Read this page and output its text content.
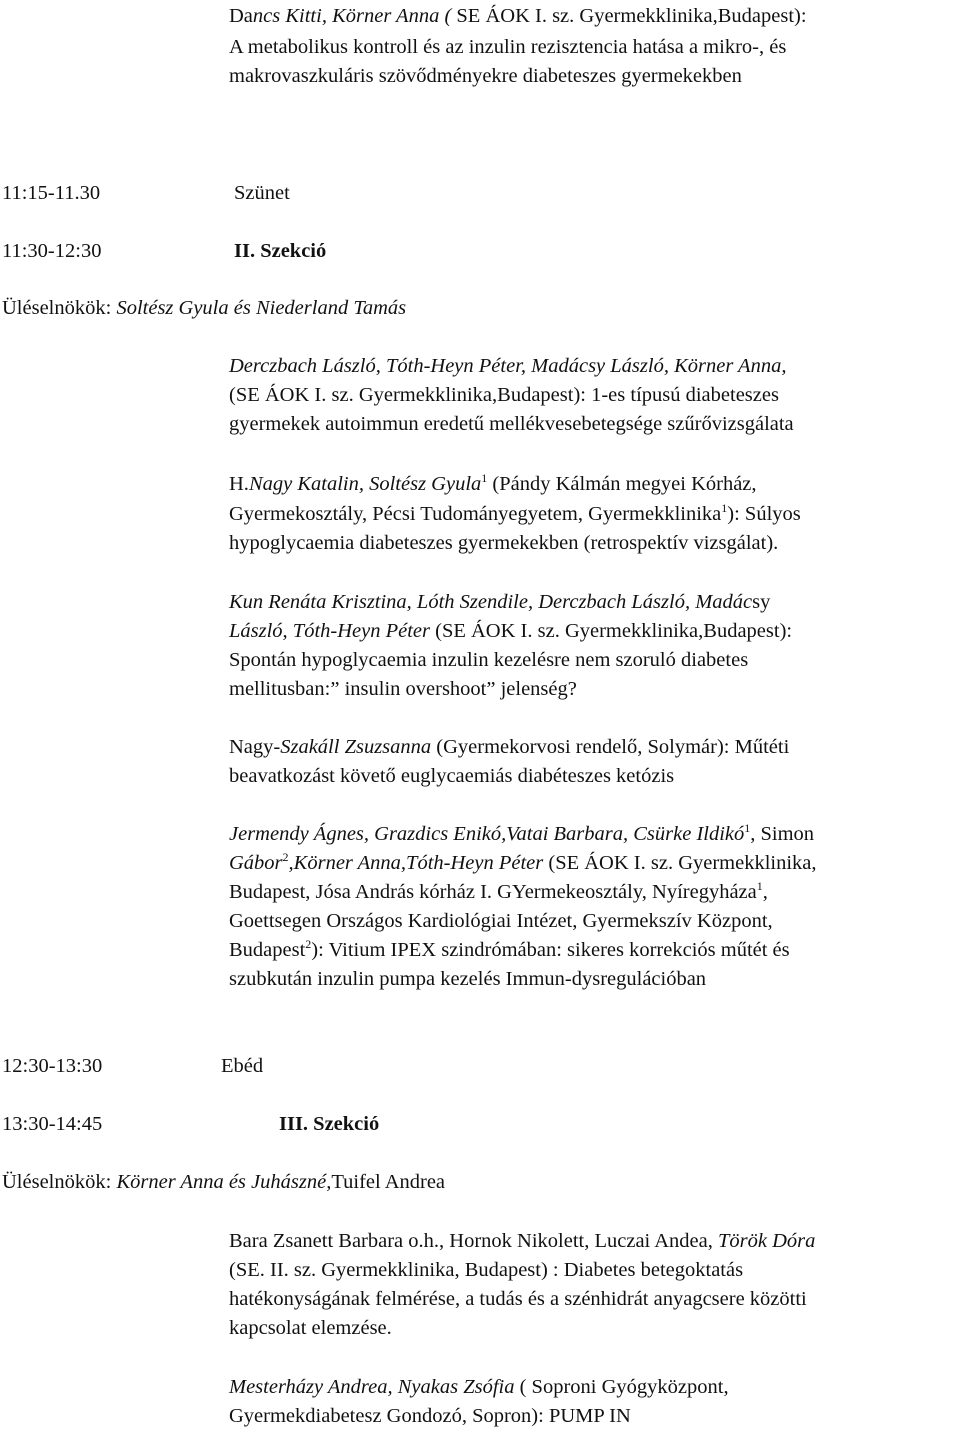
Dancs Kitti, Körner Anna ( SE ÁOK I. sz. Gyermekklinika,Budapest):
A metabolikus kontroll és az inzulin rezisztencia hatása a mikro-, és
makrovaszkuláris szövődményekre diabeteszes gyermekekben
11:15-11.30	Szünet
11:30-12:30	II. Szekció
Üléselnökök: Soltész Gyula és Niederland Tamás
Derczbach László, Tóth-Heyn Péter, Madácsy László, Körner Anna,
(SE ÁOK I. sz. Gyermekklinika,Budapest): 1-es típusú diabeteszes
gyermekek autoimmun eredetű mellékvesebetegsége szűrővizsgálata
H.Nagy Katalin, Soltész Gyula$^1$ (Pándy Kálmán megyei Kórház,
Gyermekosztály, Pécsi Tudományegyetem, Gyermekklinika$^1$): Súlyos
hypoglycaemia diabeteszes gyermekekben (retrospektív vizsgálat).
Kun Renáta Krisztina, Lóth Szendile, Derczbach László, Madácsy
László, Tóth-Heyn Péter (SE ÁOK I. sz. Gyermekklinika,Budapest):
Spontán hypoglycaemia inzulin kezelésre nem szoruló diabetes
mellitusban:” insulin overshoot” jelenség?
Nagy-Szakáll Zsuzsanna (Gyermekorvosi rendelő, Solymár): Műtéti
beavatkozást követő euglycaemiás diabéteszes ketózis
Jermendy Ágnes, Grazdics Enikó,Vatai Barbara, Csürke Ildikó$^1$, Simon
Gábor$^2$,Körner Anna,Tóth-Heyn Péter (SE ÁOK I. sz. Gyermekklinika,
Budapest, Jósa András kórház I. GYermekeosztály, Nyíregyháza$^1$,
Goettsegen Országos Kardiológiai Intézet, Gyermekszív Központ,
Budapest$^2$): Vitium IPEX szindrómában: sikeres korrekciós műtét és
szubkután inzulin pumpa kezelés Immun-dysregulációban
12:30-13:30	Ebéd
13:30-14:45	III. Szekció
Üléselnökök: Körner Anna és Juhászné,Tuifel Andrea
Bara Zsanett Barbara o.h., Hornok Nikolett, Luczai Andea, Török Dóra
(SE. II. sz. Gyermekklinika, Budapest) : Diabetes betegoktatás
hatékonyságának felmérése, a tudás és a szénhidrát anyagcsere közötti
kapcsolat elemzése.
Mesterházy Andrea, Nyakas Zsófia ( Soproni Gyógyközpont,
Gyermekdiabetesz Gondozó, Sopron): PUMP IN
